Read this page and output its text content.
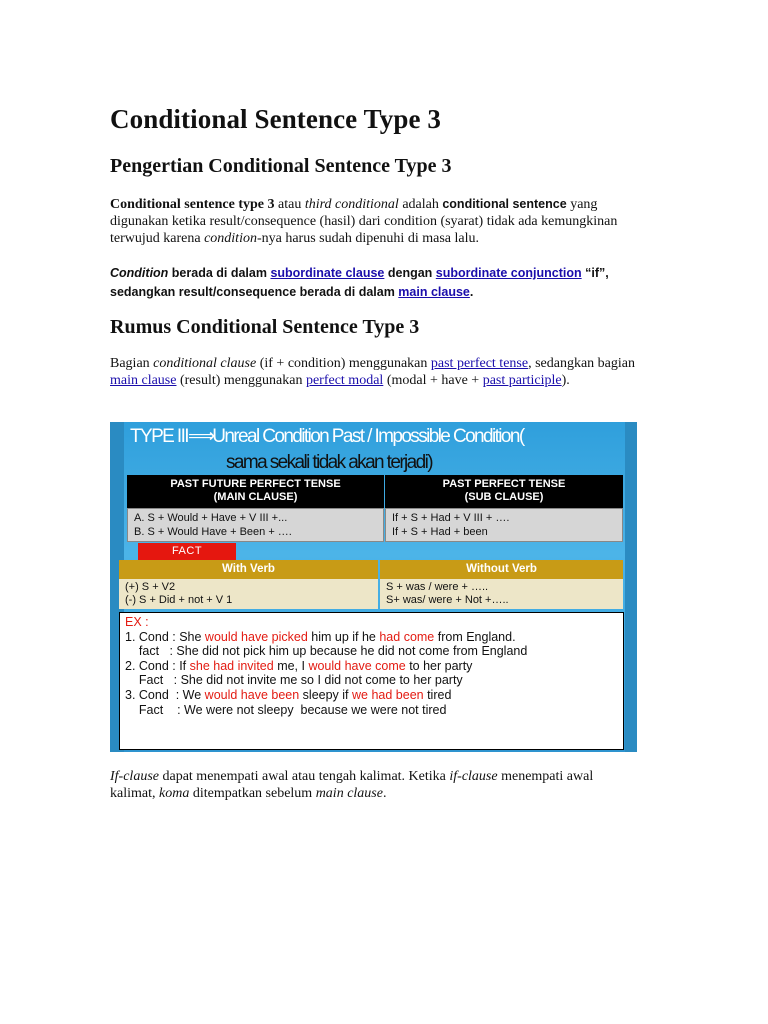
Conditional Sentence Type 3
Pengertian Conditional Sentence Type 3

Conditional sentence type 3 atau third conditional adalah conditional sentence yang digunakan ketika result/consequence (hasil) dari condition (syarat) tidak ada kemungkinan terwujud karena condition-nya harus sudah dipenuhi di masa lalu.

Condition berada di dalam subordinate clause dengan subordinate conjunction “if”, sedangkan result/consequence berada di dalam main clause.

Rumus Conditional Sentence Type 3

Bagian conditional clause (if + condition) menggunakan past perfect tense, sedangkan bagian main clause (result) menggunakan perfect modal (modal + have + past participle).

If-clause dapat menempati awal atau tengah kalimat. Ketika if-clause menempati awal kalimat, koma ditempatkan sebelum main clause.

TYPE III⟹Unreal Condition Past / Impossible Condition(
sama sekali tidak akan terjadi)
PAST FUTURE PERFECT TENSE
(MAIN CLAUSE)
PAST PERFECT TENSE
(SUB CLAUSE)
A. S + Would + Have + V III +...
B. S + Would Have + Been + ….
If + S + Had + V III + ….
If + S + Had + been
FACT
With Verb	Without Verb
(+) S + V2
(-) S + Did + not + V 1
S + was / were + …..
S+ was/ were + Not +…..
EX :
1. Cond : She would have picked him up if he had come from England.
fact   : She did not pick him up because he did not come from England
2. Cond : If she had invited me, I would have come to her party
Fact   : She did not invite me so I did not come to her party
3. Cond  : We would have been sleepy if we had been tired
Fact    : We were not sleepy  because we were not tired
